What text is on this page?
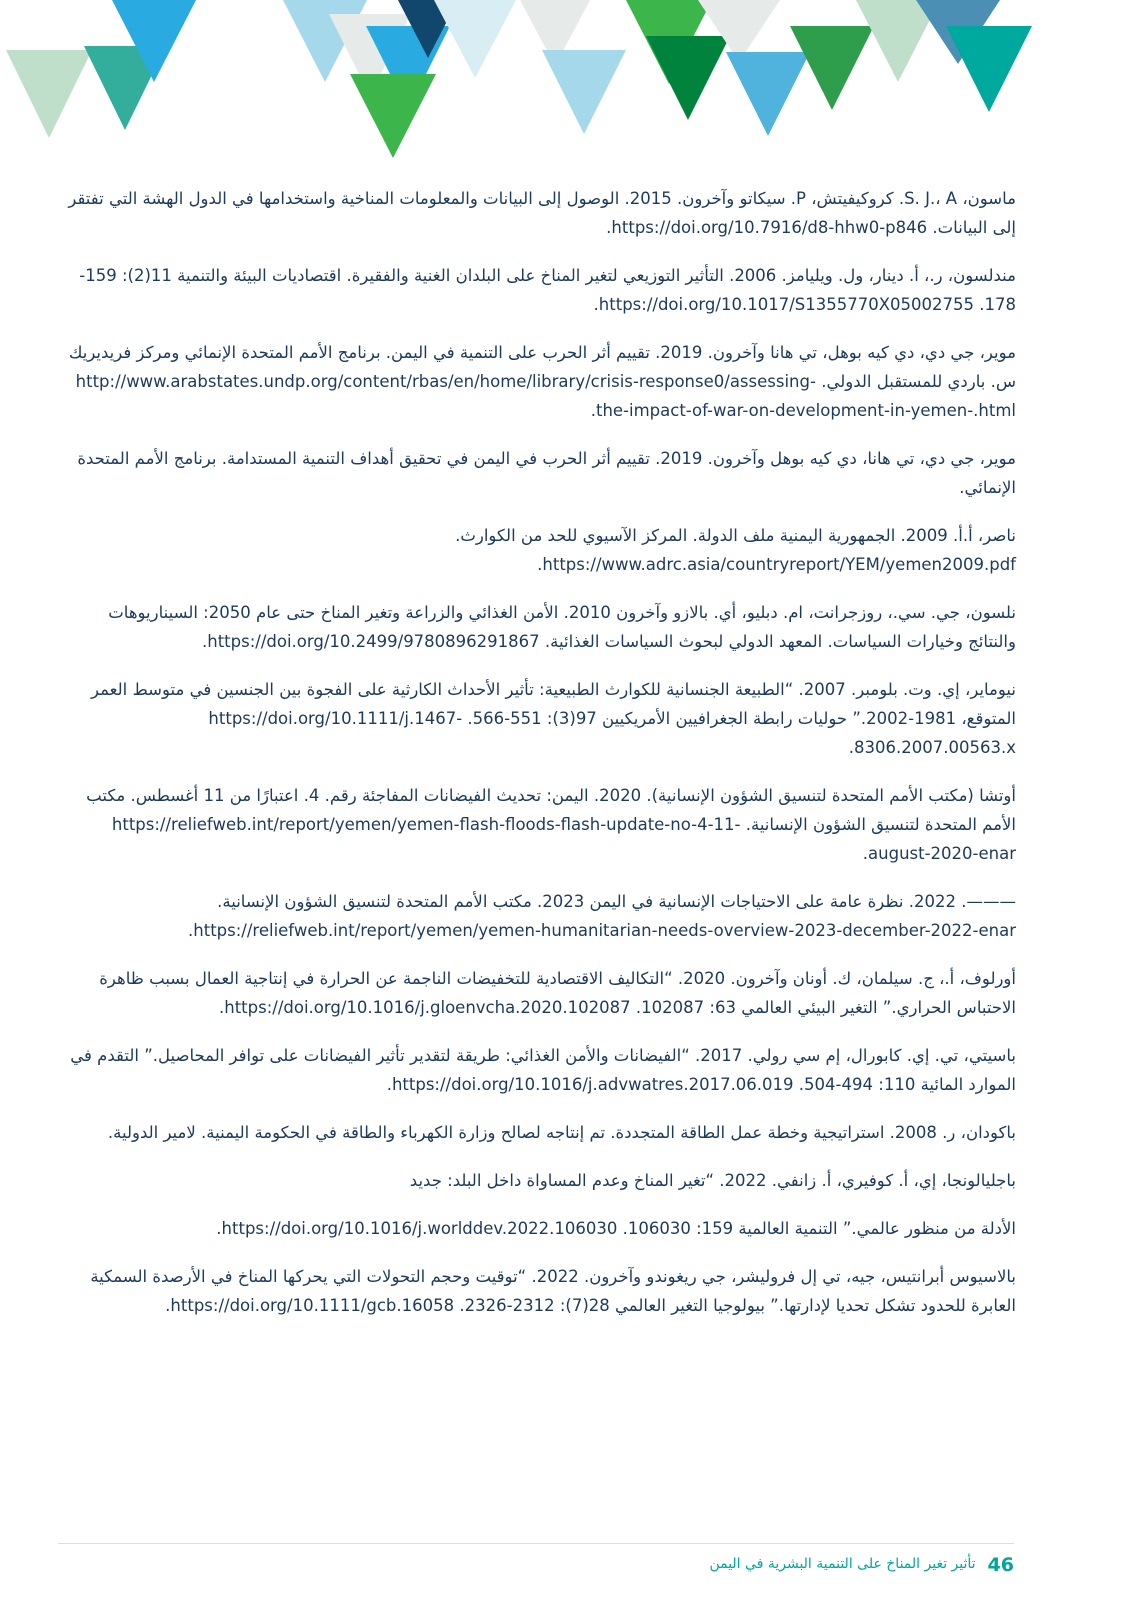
ماسون، S. J.، A. كروكيفيتش، P. سيكاتو وآخرون. 2015. الوصول إلى البيانات والمعلومات المناخية واستخدامها في الدول الهشة التي تفتقر إلى البيانات. https://doi.org/10.7916/d8-hhw0-p846.

مندلسون، ر.، أ. دينار، ول. ويليامز. 2006. التأثير التوزيعي لتغير المناخ على البلدان الغنية والفقيرة. اقتصاديات البيئة والتنمية 11(2): 159-178. https://doi.org/10.1017/S1355770X05002755.

موير، جي دي، دي كيه بوهل، تي هانا وآخرون. 2019. تقييم أثر الحرب على التنمية في اليمن. برنامج الأمم المتحدة الإنمائي ومركز فريديريك س. باردي للمستقبل الدولي. http://www.arabstates.undp.org/content/rbas/en/home/library/crisis-response0/assessing-the-impact-of-war-on-development-in-yemen-.html.

موير، جي دي، تي هانا، دي كيه بوهل وآخرون. 2019. تقييم أثر الحرب في اليمن في تحقيق أهداف التنمية المستدامة. برنامج الأمم المتحدة الإنمائي.

ناصر، أ.أ. 2009. الجمهورية اليمنية ملف الدولة. المركز الآسيوي للحد من الكوارث. https://www.adrc.asia/countryreport/YEM/yemen2009.pdf.

نلسون، جي. سي.، روزجرانت، ام. دبليو، أي. بالازو وآخرون 2010. الأمن الغذائي والزراعة وتغير المناخ حتى عام 2050: السيناريوهات والنتائج وخيارات السياسات. المعهد الدولي لبحوث السياسات الغذائية. https://doi.org/10.2499/9780896291867.

نيوماير، إي. وت. بلومبر. 2007. “الطبيعة الجنسانية للكوارث الطبيعية: تأثير الأحداث الكارثية على الفجوة بين الجنسين في متوسط العمر المتوقع، 1981-2002.” حوليات رابطة الجغرافيين الأمريكيين 97(3): 551-566. https://doi.org/10.1111/j.1467-8306.2007.00563.x.

أوتشا (مكتب الأمم المتحدة لتنسيق الشؤون الإنسانية). 2020. اليمن: تحديث الفيضانات المفاجئة رقم. 4. اعتبارًا من 11 أغسطس. مكتب الأمم المتحدة لتنسيق الشؤون الإنسانية. https://reliefweb.int/report/yemen/yemen-flash-floods-flash-update-no-4-11-august-2020-enar.

———. 2022. نظرة عامة على الاحتياجات الإنسانية في اليمن 2023. مكتب الأمم المتحدة لتنسيق الشؤون الإنسانية. https://reliefweb.int/report/yemen/yemen-humanitarian-needs-overview-2023-december-2022-enar.

أورلوف، أ.، ج. سيلمان، ك. أونان وآخرون. 2020. “التكاليف الاقتصادية للتخفيضات الناجمة عن الحرارة في إنتاجية العمال بسبب ظاهرة الاحتباس الحراري.” التغير البيئي العالمي 63: 102087. https://doi.org/10.1016/j.gloenvcha.2020.102087.

باسيتي، تي. إي. كابورال، إم سي رولي. 2017. “الفيضانات والأمن الغذائي: طريقة لتقدير تأثير الفيضانات على توافر المحاصيل.” التقدم في الموارد المائية 110: 494-504. https://doi.org/10.1016/j.advwatres.2017.06.019.

باكودان، ر. 2008. استراتيجية وخطة عمل الطاقة المتجددة. تم إنتاجه لصالح وزارة الكهرباء والطاقة في الحكومة اليمنية. لامير الدولية.

باجليالونجا، إي، أ. كوفيري، أ. زانفي. 2022. “تغير المناخ وعدم المساواة داخل البلد: جديد

الأدلة من منظور عالمي.” التنمية العالمية 159: 106030. https://doi.org/10.1016/j.worlddev.2022.106030.

بالاسيوس أبرانتيس، جيه، تي إل فروليشر، جي ريغوندو وآخرون. 2022. “توقيت وحجم التحولات التي يحركها المناخ في الأرصدة السمكية العابرة للحدود تشكل تحديا لإدارتها.” بيولوجيا التغير العالمي 28(7): 2312-2326. https://doi.org/10.1111/gcb.16058.

46
تأثير تغير المناخ على التنمية البشرية في اليمن
